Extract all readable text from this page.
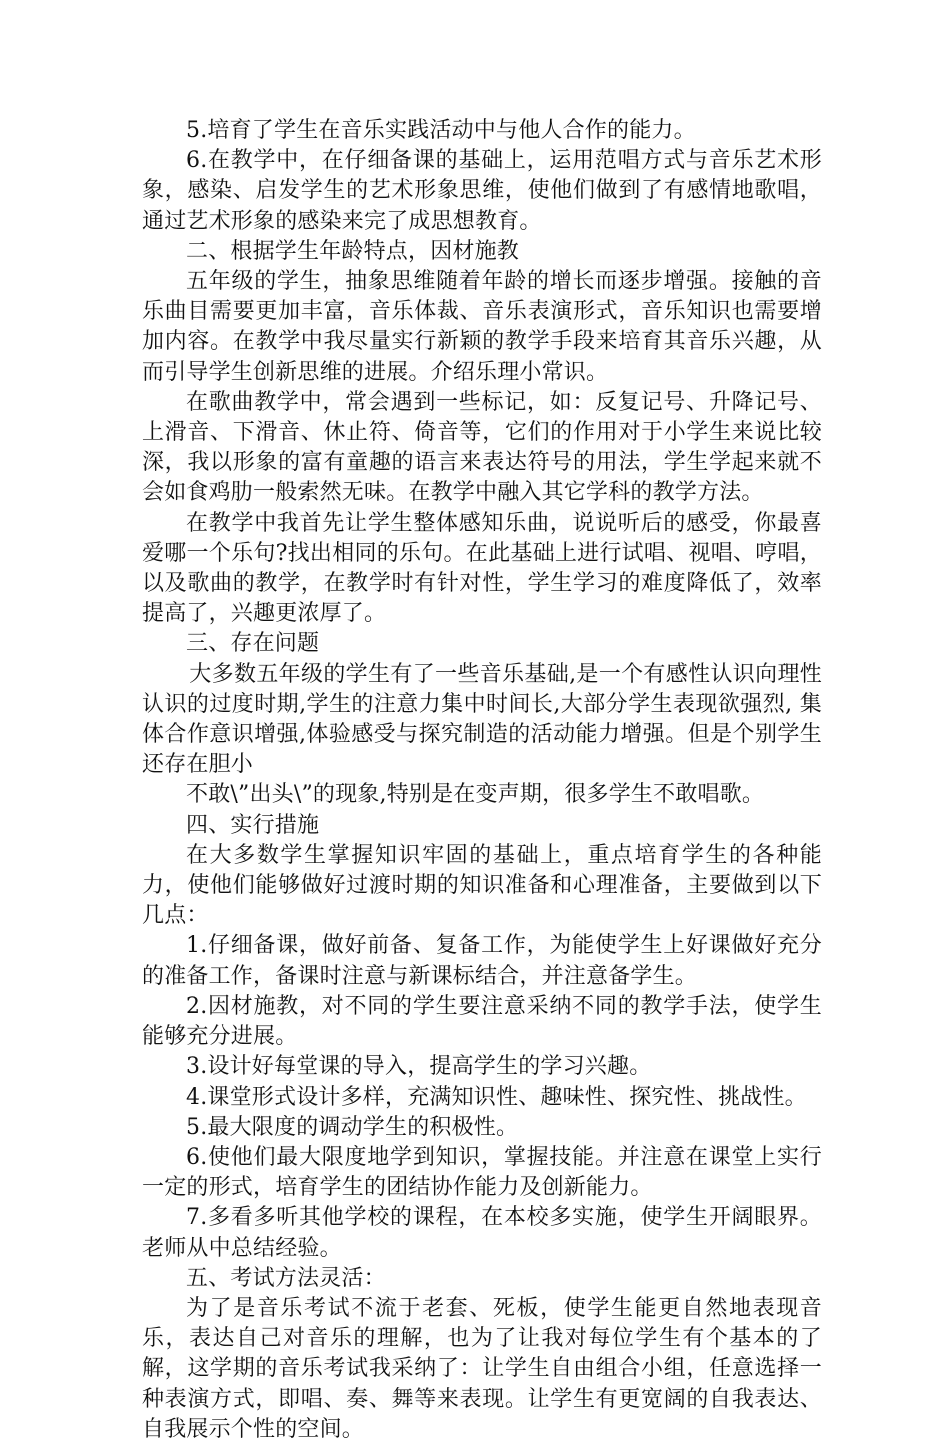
5.培育了学生在音乐实践活动中与他人合作的能力。

6.在教学中，在仔细备课的基础上，运用范唱方式与音乐艺术形象，感染、启发学生的艺术形象思维，使他们做到了有感情地歌唱，通过艺术形象的感染来完了成思想教育。

二、根据学生年龄特点，因材施教

五年级的学生，抽象思维随着年龄的增长而逐步增强。接触的音乐曲目需要更加丰富，音乐体裁、音乐表演形式，音乐知识也需要增加内容。在教学中我尽量实行新颖的教学手段来培育其音乐兴趣，从而引导学生创新思维的进展。介绍乐理小常识。

在歌曲教学中，常会遇到一些标记，如：反复记号、升降记号、上滑音、下滑音、休止符、倚音等，它们的作用对于小学生来说比较深，我以形象的富有童趣的语言来表达符号的用法，学生学起来就不会如食鸡肋一般索然无味。在教学中融入其它学科的教学方法。

在教学中我首先让学生整体感知乐曲，说说听后的感受，你最喜爱哪一个乐句?找出相同的乐句。在此基础上进行试唱、视唱、哼唱，以及歌曲的教学，在教学时有针对性，学生学习的难度降低了，效率提高了，兴趣更浓厚了。

三、存在问题

大多数五年级的学生有了一些音乐基础,是一个有感性认识向理性认识的过度时期,学生的注意力集中时间长,大部分学生表现欲强烈, 集体合作意识增强,体验感受与探究制造的活动能力增强。但是个别学生还存在胆小

不敢\”出头\”的现象,特别是在变声期，很多学生不敢唱歌。

四、实行措施

在大多数学生掌握知识牢固的基础上，重点培育学生的各种能力，使他们能够做好过渡时期的知识准备和心理准备，主要做到以下几点：

1.仔细备课，做好前备、复备工作，为能使学生上好课做好充分的准备工作，备课时注意与新课标结合，并注意备学生。

2.因材施教，对不同的学生要注意采纳不同的教学手法，使学生能够充分进展。

3.设计好每堂课的导入，提高学生的学习兴趣。

4.课堂形式设计多样，充满知识性、趣味性、探究性、挑战性。

5.最大限度的调动学生的积极性。

6.使他们最大限度地学到知识，掌握技能。并注意在课堂上实行一定的形式，培育学生的团结协作能力及创新能力。

7.多看多听其他学校的课程，在本校多实施，使学生开阔眼界。老师从中总结经验。

五、考试方法灵活：

为了是音乐考试不流于老套、死板，使学生能更自然地表现音乐，表达自己对音乐的理解，也为了让我对每位学生有个基本的了解，这学期的音乐考试我采纳了：让学生自由组合小组，任意选择一种表演方式，即唱、奏、舞等来表现。让学生有更宽阔的自我表达、自我展示个性的空间。
